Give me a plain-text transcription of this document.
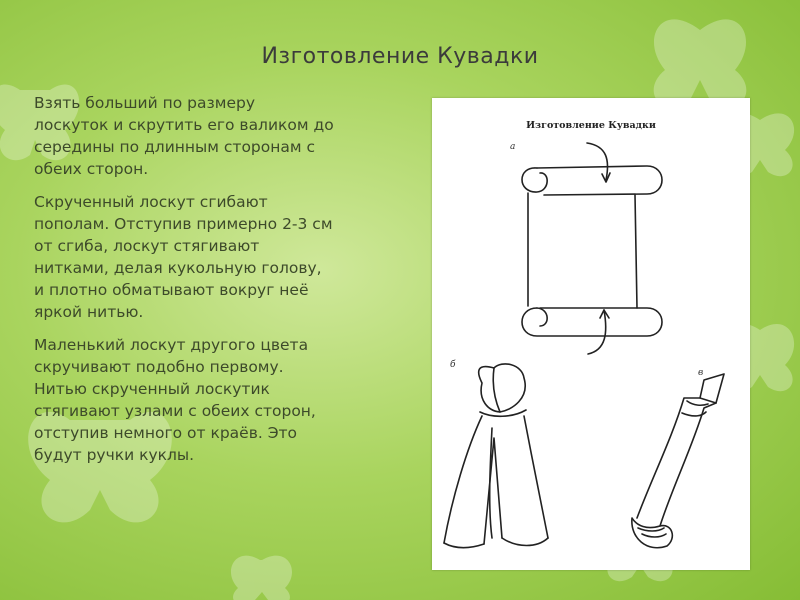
Изготовление Кувадки

Взять больший по размеру лоскуток и скрутить его валиком до середины по длинным сторонам с обеих сторон.

Скрученный лоскут сгибают пополам. Отступив примерно 2-3 см от сгиба, лоскут стягивают нитками, делая кукольную голову, и плотно обматывают вокруг неё яркой нитью.

Маленький лоскут другого цвета скручивают подобно первому. Нитью скрученный лоскутик стягивают узлами с обеих сторон, отступив немного от краёв. Это будут ручки куклы.

Изготовление Кувадки
а
б
в
